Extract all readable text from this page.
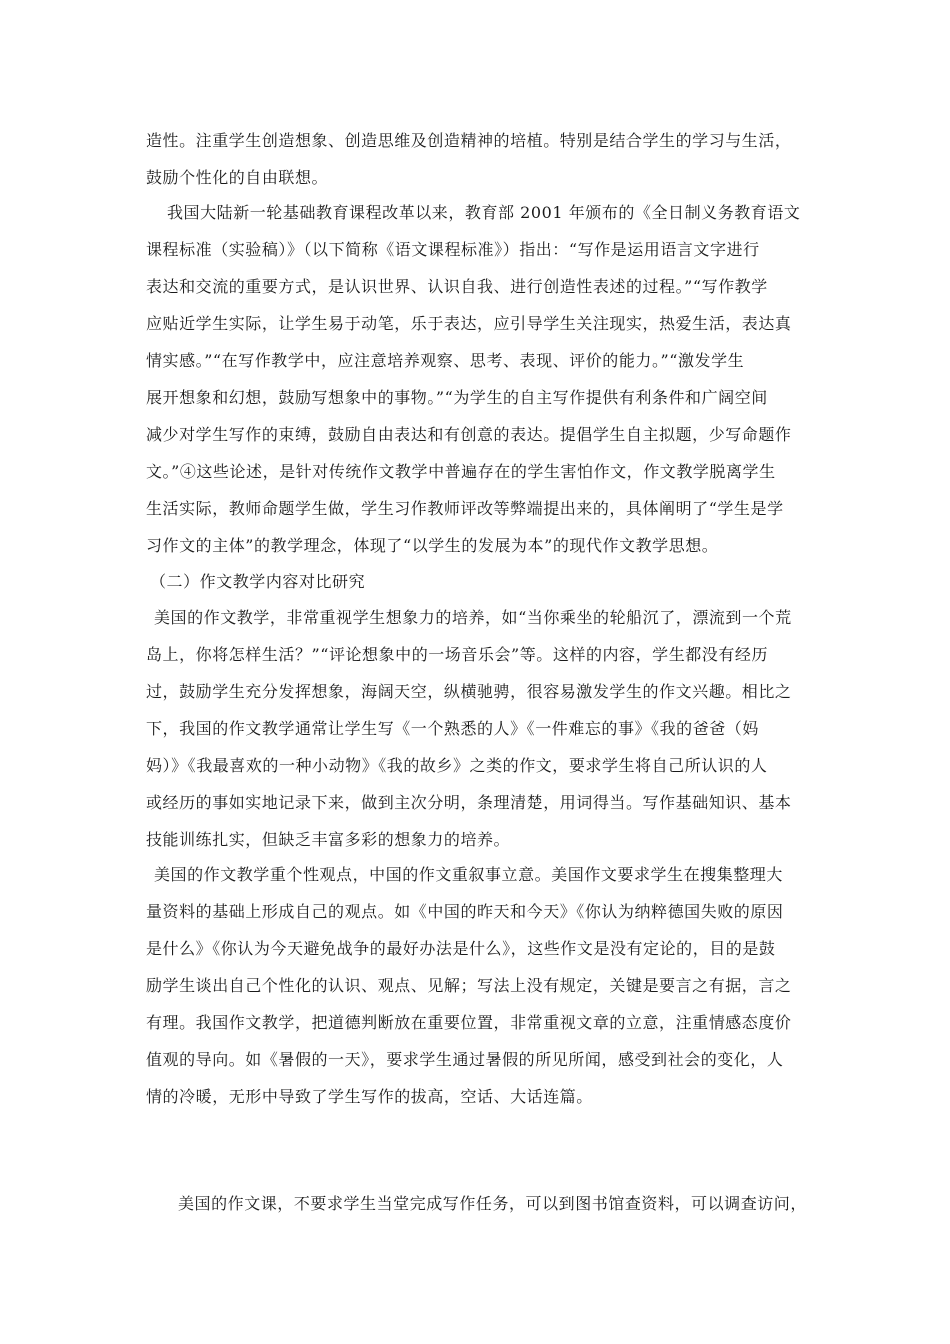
造性。注重学生创造想象、创造思维及创造精神的培植。特别是结合学生的学习与生活，
鼓励个性化的自由联想。
我国大陆新一轮基础教育课程改革以来，教育部 2001 年颁布的《全日制义务教育语文
课程标准（实验稿）》（以下简称《语文课程标准》）指出：“写作是运用语言文字进行
表达和交流的重要方式，是认识世界、认识自我、进行创造性表述的过程。”“写作教学
应贴近学生实际，让学生易于动笔，乐于表达，应引导学生关注现实，热爱生活，表达真
情实感。”“在写作教学中，应注意培养观察、思考、表现、评价的能力。”“激发学生
展开想象和幻想，鼓励写想象中的事物。”“为学生的自主写作提供有利条件和广阔空间
减少对学生写作的束缚，鼓励自由表达和有创意的表达。提倡学生自主拟题，少写命题作
文。”④这些论述，是针对传统作文教学中普遍存在的学生害怕作文，作文教学脱离学生
生活实际，教师命题学生做，学生习作教师评改等弊端提出来的，具体阐明了“学生是学
习作文的主体”的教学理念，体现了“以学生的发展为本”的现代作文教学思想。
（二）作文教学内容对比研究
美国的作文教学，非常重视学生想象力的培养，如“当你乘坐的轮船沉了，漂流到一个荒
岛上，你将怎样生活？”“评论想象中的一场音乐会”等。这样的内容，学生都没有经历
过，鼓励学生充分发挥想象，海阔天空，纵横驰骋，很容易激发学生的作文兴趣。相比之
下，我国的作文教学通常让学生写《一个熟悉的人》《一件难忘的事》《我的爸爸（妈
妈）》《我最喜欢的一种小动物》《我的故乡》之类的作文，要求学生将自己所认识的人
或经历的事如实地记录下来，做到主次分明，条理清楚，用词得当。写作基础知识、基本
技能训练扎实，但缺乏丰富多彩的想象力的培养。
美国的作文教学重个性观点，中国的作文重叙事立意。美国作文要求学生在搜集整理大
量资料的基础上形成自己的观点。如《中国的昨天和今天》《你认为纳粹德国失败的原因
是什么》《你认为今天避免战争的最好办法是什么》，这些作文是没有定论的，目的是鼓
励学生谈出自己个性化的认识、观点、见解；写法上没有规定，关键是要言之有据，言之
有理。我国作文教学，把道德判断放在重要位置，非常重视文章的立意，注重情感态度价
值观的导向。如《暑假的一天》，要求学生通过暑假的所见所闻，感受到社会的变化，人
情的冷暖，无形中导致了学生写作的拔高，空话、大话连篇。
美国的作文课，不要求学生当堂完成写作任务，可以到图书馆查资料，可以调查访问，
